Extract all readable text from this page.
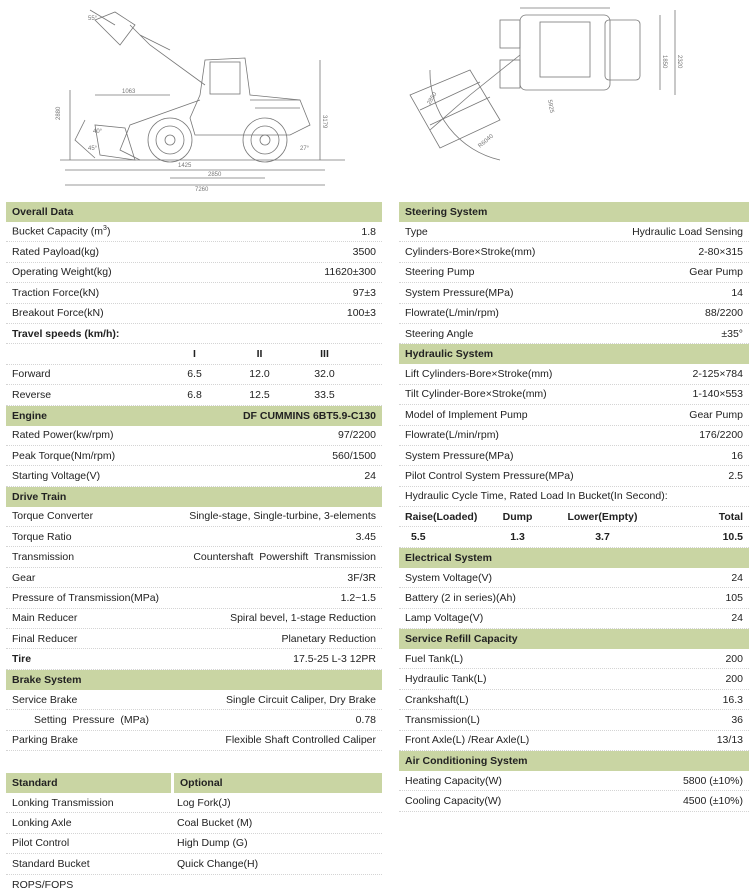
55°
3179
2880
1063
1425
2850
7260
45°	27°
40°
2320
1850
5925
2850
R6040
Overall Data
Bucket Capacity $(m^3)$	1.8
Rated Payload(kg)	3500
Operating Weight(kg)	11620±300
Traction Force(kN)	97±3
Breakout Force(kN)	100±3
Travel speeds (km/h):
I	II	III
Forward	6.5	12.0	32.0
Reverse	6.8	12.5	33.5
Engine	DF CUMMINS 6BT5.9-C130
Rated Power(kw/rpm)	97/2200
Peak Torque(Nm/rpm)	560/1500
Starting Voltage(V)	24
Drive Train
Torque Converter	Single-stage, Single-turbine, 3-elements
Torque Ratio	3.45
Transmission	Countershaft  Powershift  Transmission
Gear	3F/3R
Pressure of Transmission(MPa)	1.2~1.5
Main Reducer	Spiral bevel, 1-stage Reduction
Final Reducer	Planetary Reduction
Tire	17.5-25 L-3 12PR
Brake System
Service Brake	Single Circuit Caliper, Dry Brake
Setting  Pressure  (MPa)	0.78
Parking Brake	Flexible Shaft Controlled Caliper
Standard	Optional
Lonking Transmission	Log Fork(J)
Lonking Axle	Coal Bucket (M)
Pilot Control	High Dump (G)
Standard Bucket	Quick Change(H)
ROPS/FOPS
Steering System
Type	Hydraulic Load Sensing
Cylinders-Bore×Stroke(mm)	2-80×315
Steering Pump	Gear Pump
System Pressure(MPa)	14
Flowrate(L/min/rpm)	88/2200
Steering Angle	±35°
Hydraulic System
Lift Cylinders-Bore×Stroke(mm)	2-125×784
Tilt Cylinder-Bore×Stroke(mm)	1-140×553
Model of Implement Pump	Gear Pump
Flowrate(L/min/rpm)	176/2200
System Pressure(MPa)	16
Pilot Control System Pressure(MPa)	2.5
Hydraulic Cycle Time, Rated Load In Bucket(In Second):
Raise(Loaded)	Dump	Lower(Empty)	Total
5.5	1.3	3.7	10.5
Electrical System
System Voltage(V)	24
Battery (2 in series)(Ah)	105
Lamp Voltage(V)	24
Service Refill Capacity
Fuel Tank(L)	200
Hydraulic Tank(L)	200
Crankshaft(L)	16.3
Transmission(L)	36
Front Axle(L) /Rear Axle(L)	13/13
Air Conditioning System
Heating Capacity(W)	5800 (±10%)
Cooling Capacity(W)	4500 (±10%)
